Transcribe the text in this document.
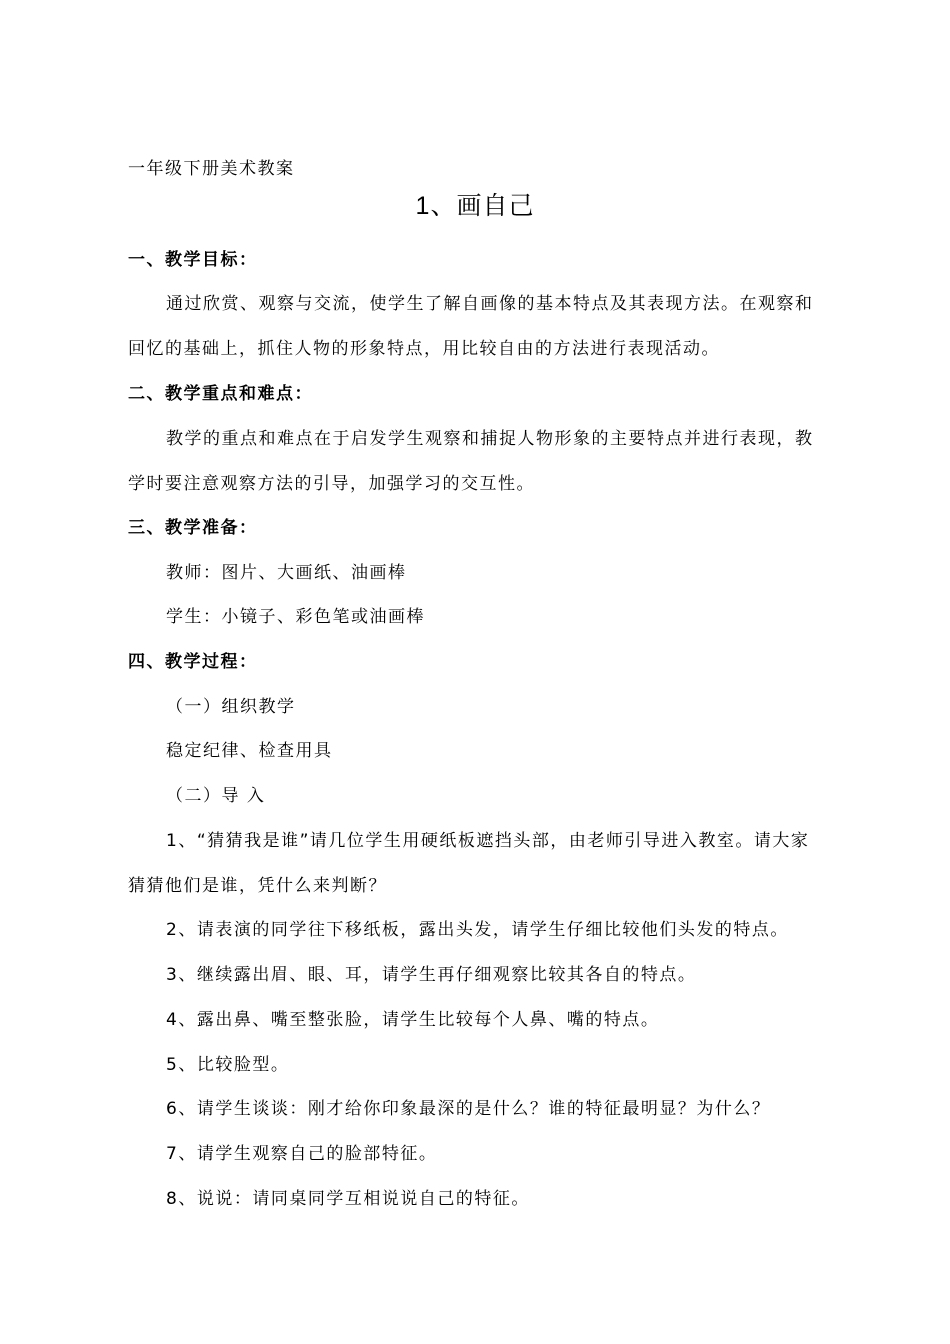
一年级下册美术教案
1、画自己
一、教学目标：
通过欣赏、观察与交流，使学生了解自画像的基本特点及其表现方法。在观察和
回忆的基础上，抓住人物的形象特点，用比较自由的方法进行表现活动。
二、教学重点和难点：
教学的重点和难点在于启发学生观察和捕捉人物形象的主要特点并进行表现，教
学时要注意观察方法的引导，加强学习的交互性。
三、教学准备：
教师：图片、大画纸、油画棒
学生：小镜子、彩色笔或油画棒
四、教学过程：
（一）组织教学
稳定纪律、检查用具
（二）导 入
1、“猜猜我是谁”请几位学生用硬纸板遮挡头部，由老师引导进入教室。请大家
猜猜他们是谁，凭什么来判断？
2、请表演的同学往下移纸板，露出头发，请学生仔细比较他们头发的特点。
3、继续露出眉、眼、耳，请学生再仔细观察比较其各自的特点。
4、露出鼻、嘴至整张脸，请学生比较每个人鼻、嘴的特点。
5、比较脸型。
6、请学生谈谈：刚才给你印象最深的是什么？谁的特征最明显？为什么？
7、请学生观察自己的脸部特征。
8、说说：请同桌同学互相说说自己的特征。
